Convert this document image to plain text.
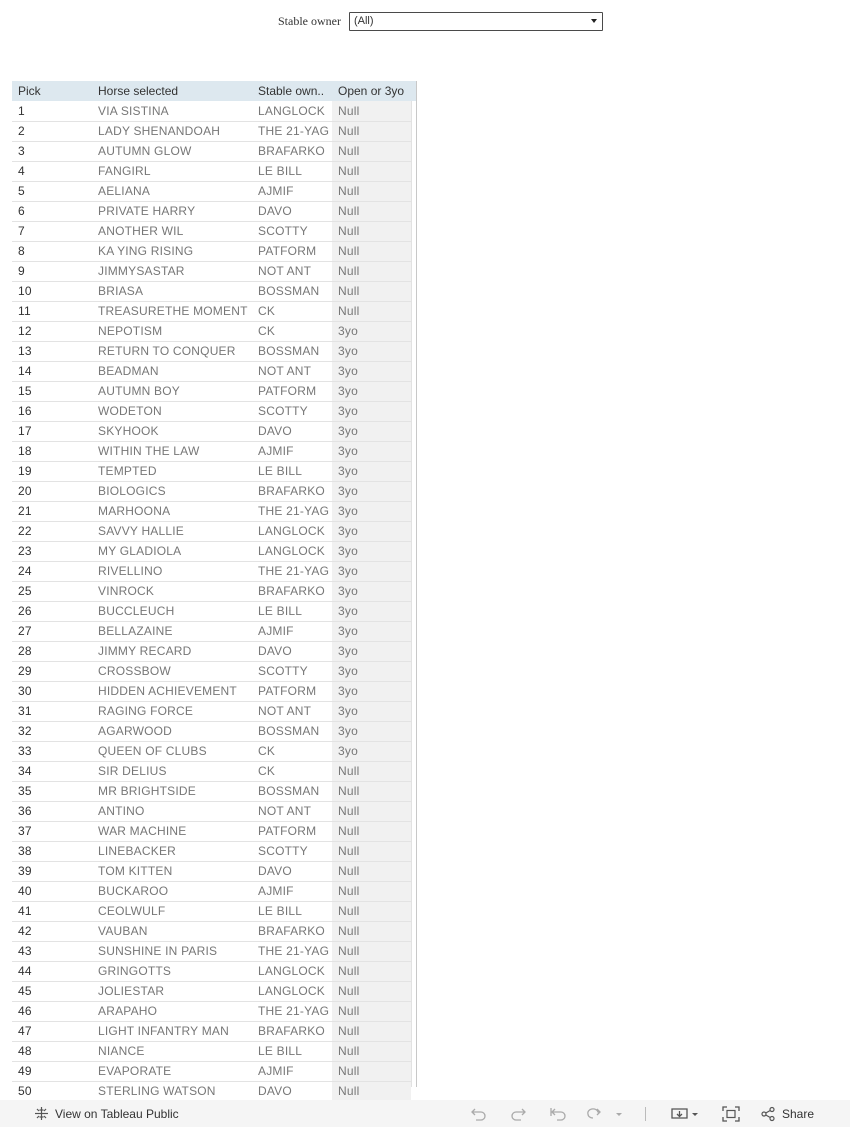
Stable owner	(All)
Pick	Horse selected	Stable own..	Open or 3yo	
1	VIA SISTINA	LANGLOCK	Null	
2	LADY SHENANDOAH	THE 21-YAG	Null	
3	AUTUMN GLOW	BRAFARKO	Null	
4	FANGIRL	LE BILL	Null	
5	AELIANA	AJMIF	Null	
6	PRIVATE HARRY	DAVO	Null	
7	ANOTHER WIL	SCOTTY	Null	
8	KA YING RISING	PATFORM	Null	
9	JIMMYSASTAR	NOT ANT	Null	
10	BRIASA	BOSSMAN	Null	
11	TREASURETHE MOMENT	CK	Null	
12	NEPOTISM	CK	3yo	
13	RETURN TO CONQUER	BOSSMAN	3yo	
14	BEADMAN	NOT ANT	3yo	
15	AUTUMN BOY	PATFORM	3yo	
16	WODETON	SCOTTY	3yo	
17	SKYHOOK	DAVO	3yo	
18	WITHIN THE LAW	AJMIF	3yo	
19	TEMPTED	LE BILL	3yo	
20	BIOLOGICS	BRAFARKO	3yo	
21	MARHOONA	THE 21-YAG	3yo	
22	SAVVY HALLIE	LANGLOCK	3yo	
23	MY GLADIOLA	LANGLOCK	3yo	
24	RIVELLINO	THE 21-YAG	3yo	
25	VINROCK	BRAFARKO	3yo	
26	BUCCLEUCH	LE BILL	3yo	
27	BELLAZAINE	AJMIF	3yo	
28	JIMMY RECARD	DAVO	3yo	
29	CROSSBOW	SCOTTY	3yo	
30	HIDDEN ACHIEVEMENT	PATFORM	3yo	
31	RAGING FORCE	NOT ANT	3yo	
32	AGARWOOD	BOSSMAN	3yo	
33	QUEEN OF CLUBS	CK	3yo	
34	SIR DELIUS	CK	Null	
35	MR BRIGHTSIDE	BOSSMAN	Null	
36	ANTINO	NOT ANT	Null	
37	WAR MACHINE	PATFORM	Null	
38	LINEBACKER	SCOTTY	Null	
39	TOM KITTEN	DAVO	Null	
40	BUCKAROO	AJMIF	Null	
41	CEOLWULF	LE BILL	Null	
42	VAUBAN	BRAFARKO	Null	
43	SUNSHINE IN PARIS	THE 21-YAG	Null	
44	GRINGOTTS	LANGLOCK	Null	
45	JOLIESTAR	LANGLOCK	Null	
46	ARAPAHO	THE 21-YAG	Null	
47	LIGHT INFANTRY MAN	BRAFARKO	Null	
48	NIANCE	LE BILL	Null	
49	EVAPORATE	AJMIF	Null	
50	STERLING WATSON	DAVO	Null	
View on Tableau Public	Share
